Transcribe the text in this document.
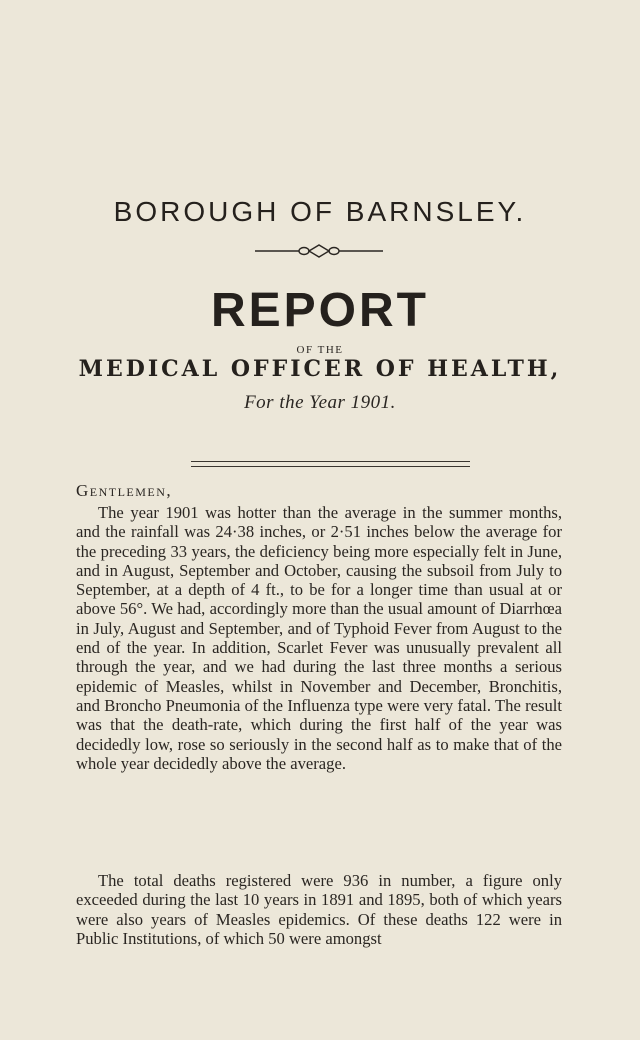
BOROUGH OF BARNSLEY.
REPORT
OF THE
MEDICAL OFFICER OF HEALTH,
For the Year 1901.
Gentlemen,
The year 1901 was hotter than the average in the summer months, and the rainfall was 24·38 inches, or 2·51 inches below the average for the preceding 33 years, the deficiency being more especially felt in June, and in August, September and October, causing the subsoil from July to September, at a depth of 4 ft., to be for a longer time than usual at or above 56°. We had, accordingly more than the usual amount of Diarrhœa in July, August and September, and of Typhoid Fever from August to the end of the year. In addition, Scarlet Fever was unusually prevalent all through the year, and we had during the last three months a serious epidemic of Measles, whilst in November and December, Bronchitis, and Broncho Pneumonia of the Influenza type were very fatal. The result was that the death-rate, which during the first half of the year was decidedly low, rose so seriously in the second half as to make that of the whole year decidedly above the average.
The total deaths registered were 936 in number, a figure only exceeded during the last 10 years in 1891 and 1895, both of which years were also years of Measles epidemics. Of these deaths 122 were in Public Institutions, of which 50 were amongst
